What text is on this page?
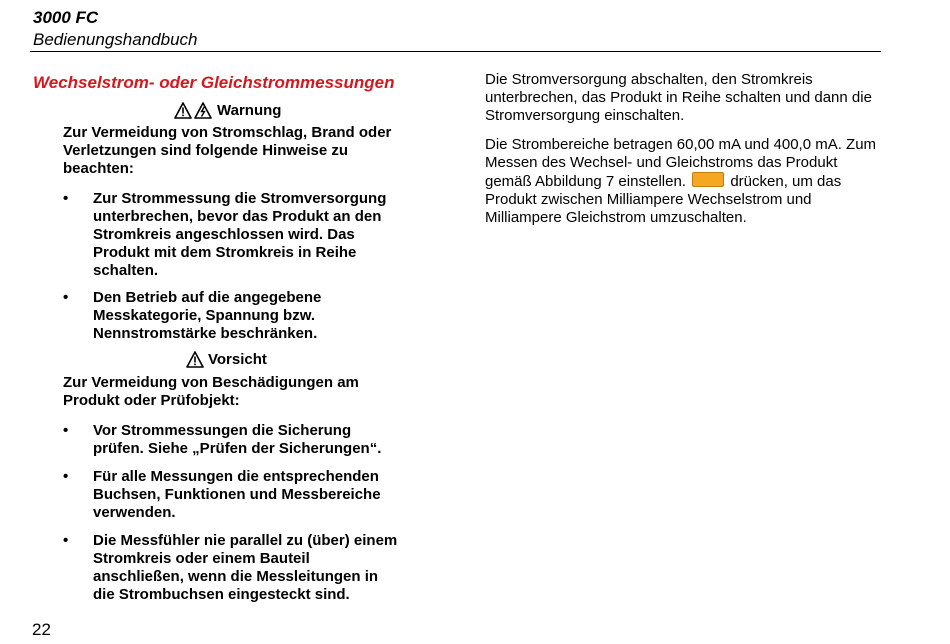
3000 FC
Bedienungshandbuch
Wechselstrom- oder Gleichstrommessungen
Warnung
Zur Vermeidung von Stromschlag, Brand oder Verletzungen sind folgende Hinweise zu beachten:
• Zur Strommessung die Stromversorgung unterbrechen, bevor das Produkt an den Stromkreis angeschlossen wird. Das Produkt mit dem Stromkreis in Reihe schalten.
• Den Betrieb auf die angegebene Messkategorie, Spannung bzw. Nennstromstärke beschränken.
Vorsicht
Zur Vermeidung von Beschädigungen am Produkt oder Prüfobjekt:
• Vor Strommessungen die Sicherung prüfen. Siehe „Prüfen der Sicherungen“.
• Für alle Messungen die entsprechenden Buchsen, Funktionen und Messbereiche verwenden.
• Die Messfühler nie parallel zu (über) einem Stromkreis oder einem Bauteil anschließen, wenn die Messleitungen in die Strombuchsen eingesteckt sind.
Die Stromversorgung abschalten, den Stromkreis unterbrechen, das Produkt in Reihe schalten und dann die Stromversorgung einschalten.
Die Strombereiche betragen 60,00 mA und 400,0 mA. Zum Messen des Wechsel- und Gleichstroms das Produkt gemäß Abbildung 7 einstellen.	drücken, um das Produkt zwischen Milliampere Wechselstrom und Milliampere Gleichstrom umzuschalten.
22
